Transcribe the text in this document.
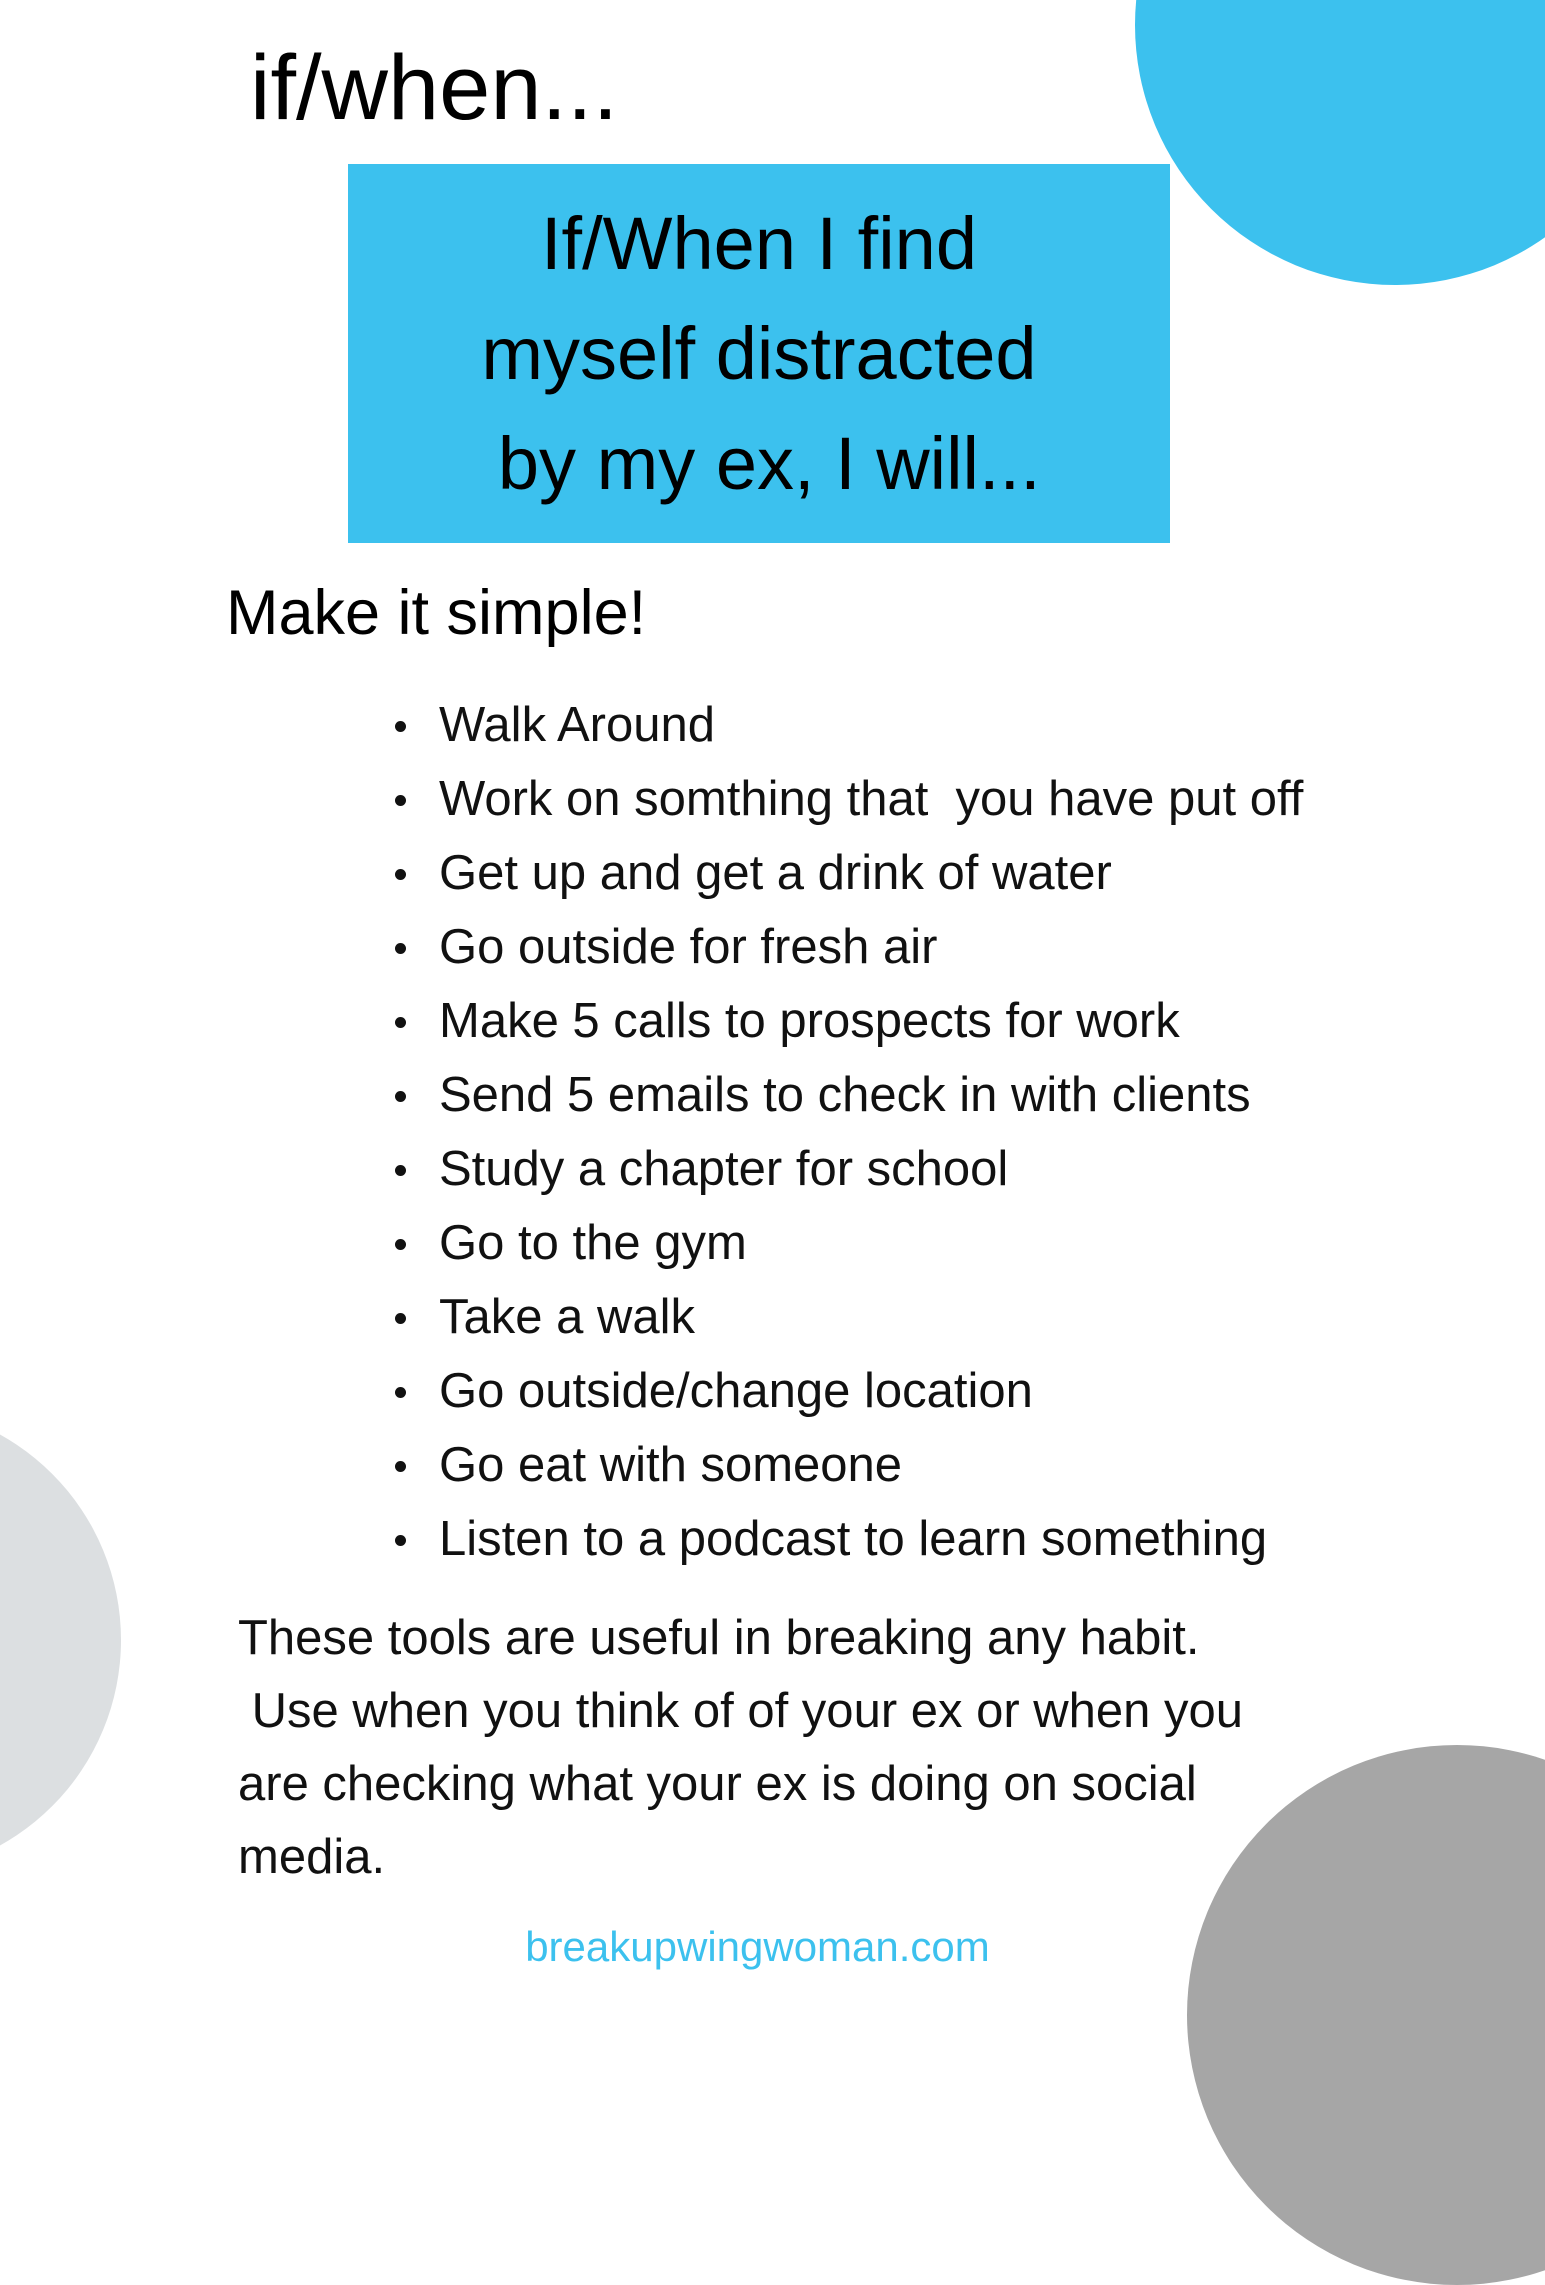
if/when...
If/When I find
myself distracted
by my ex, I will...
Make it simple!
Walk Around
Work on somthing that  you have put off
Get up and get a drink of water
Go outside for fresh air
Make 5 calls to prospects for work
Send 5 emails to check in with clients
Study a chapter for school
Go to the gym
Take a walk
Go outside/change location
Go eat with someone
Listen to a podcast to learn something

These tools are useful in breaking any habit.
Use when you think of of your ex or when you
are checking what your ex is doing on social
media.

breakupwingwoman.com
